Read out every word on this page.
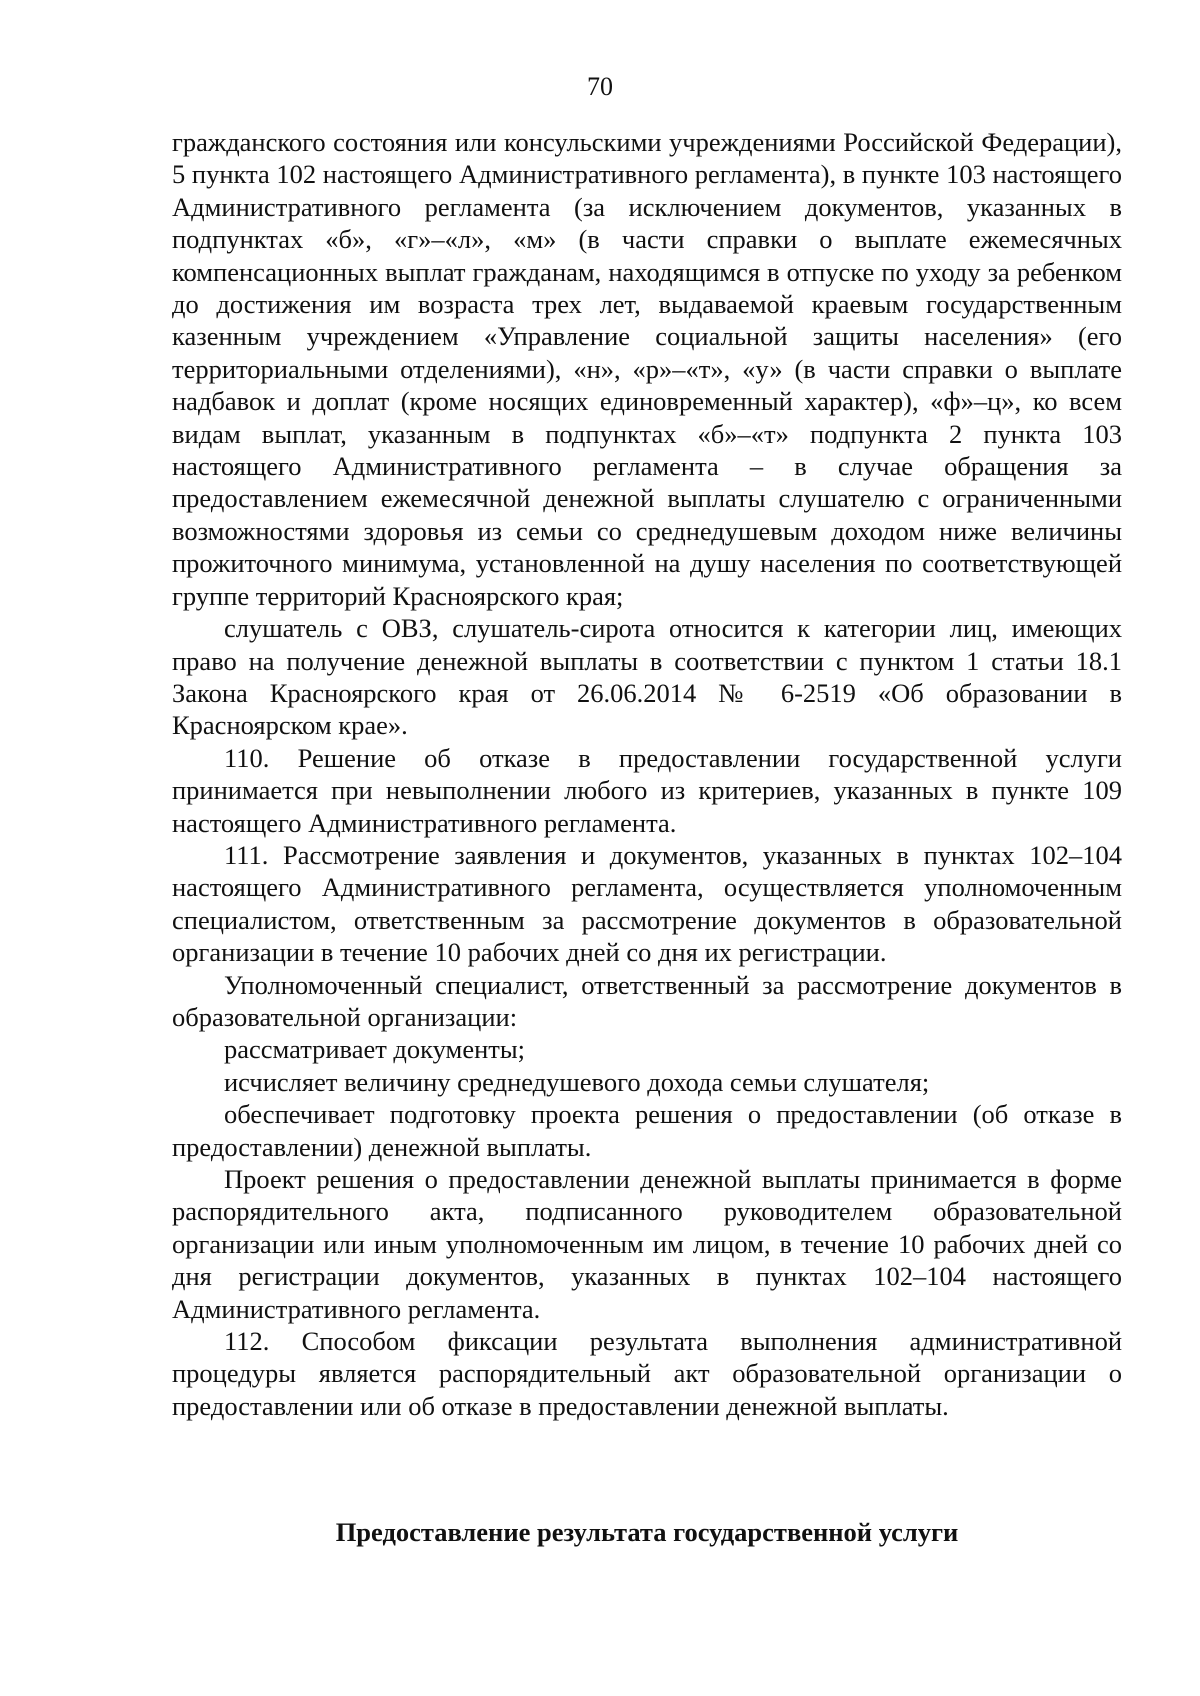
70

гражданского состояния или консульскими учреждениями Российской Федерации), 5 пункта 102 настоящего Административного регламента), в пункте 103 настоящего Административного регламента (за исключением документов, указанных в подпунктах «б», «г»–«л», «м» (в части справки о выплате ежемесячных компенсационных выплат гражданам, находящимся в отпуске по уходу за ребенком до достижения им возраста трех лет, выдаваемой краевым государственным казенным учреждением «Управление социальной защиты населения» (его территориальными отделениями), «н», «р»–«т», «у» (в части справки о выплате надбавок и доплат (кроме носящих единовременный характер), «ф»–ц», ко всем видам выплат, указанным в подпунктах «б»–«т» подпункта 2 пункта 103 настоящего Административного регламента – в случае обращения за предоставлением ежемесячной денежной выплаты слушателю с ограниченными возможностями здоровья из семьи со среднедушевым доходом ниже величины прожиточного минимума, установленной на душу населения по соответствующей группе территорий Красноярского края;

слушатель с ОВЗ, слушатель-сирота относится к категории лиц, имеющих право на получение денежной выплаты в соответствии с пунктом 1 статьи 18.1 Закона Красноярского края от 26.06.2014 № 6-2519 «Об образовании в Красноярском крае».

110. Решение об отказе в предоставлении государственной услуги принимается при невыполнении любого из критериев, указанных в пункте 109 настоящего Административного регламента.

111. Рассмотрение заявления и документов, указанных в пунктах 102–104 настоящего Административного регламента, осуществляется уполномоченным специалистом, ответственным за рассмотрение документов в образовательной организации в течение 10 рабочих дней со дня их регистрации.

Уполномоченный специалист, ответственный за рассмотрение документов в образовательной организации:

рассматривает документы;

исчисляет величину среднедушевого дохода семьи слушателя;

обеспечивает подготовку проекта решения о предоставлении (об отказе в предоставлении) денежной выплаты.

Проект решения о предоставлении денежной выплаты принимается в форме распорядительного акта, подписанного руководителем образовательной организации или иным уполномоченным им лицом, в течение 10 рабочих дней со дня регистрации документов, указанных в пунктах 102–104 настоящего Административного регламента.

112. Способом фиксации результата выполнения административной процедуры является распорядительный акт образовательной организации о предоставлении или об отказе в предоставлении денежной выплаты.

Предоставление результата государственной услуги
